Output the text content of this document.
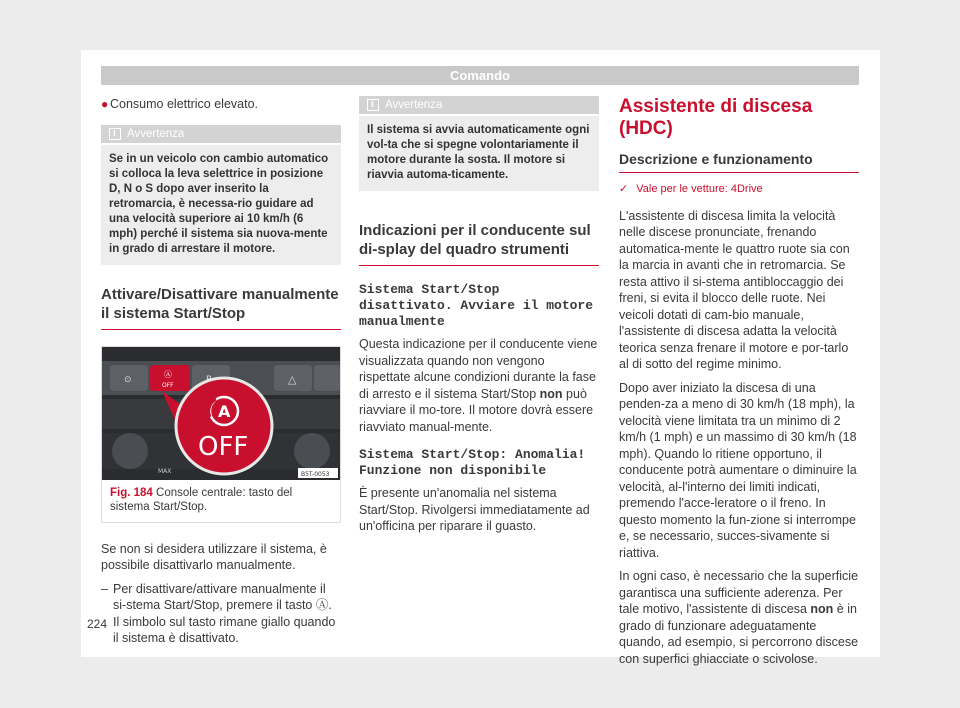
Comando
● Consumo elettrico elevato.
i
Avvertenza
Se in un veicolo con cambio automatico si colloca la leva selettrice in posizione D, N o S dopo aver inserito la retromarcia, è necessa-rio guidare ad una velocità superiore ai 10 km/h (6 mph) perché il sistema sia nuova-mente in grado di arrestare il motore.
Attivare/Disattivare manualmente il sistema Start/Stop
Ⓐ
OFF
⊙	△
MAX
A
OFF
B5T-0053
Fig. 184 Console centrale: tasto del sistema Start/Stop.

Se non si desidera utilizzare il sistema, è possibile disattivarlo manualmente.

– Per disattivare/attivare manualmente il si-stema Start/Stop, premere il tasto Ⓐ. Il simbolo sul tasto rimane giallo quando il sistema è disattivato.
i
Avvertenza
Il sistema si avvia automaticamente ogni vol-ta che si spegne volontariamente il motore durante la sosta. Il motore si riavvia automa-ticamente.
Indicazioni per il conducente sul di-splay del quadro strumenti
Sistema Start/Stop disattivato. Avviare il motore manualmente

Questa indicazione per il conducente viene visualizzata quando non vengono rispettate alcune condizioni durante la fase di arresto e il sistema Start/Stop non può riavviare il mo-tore. Il motore dovrà essere riavviato manual-mente.

Sistema Start/Stop: Anomalia! Funzione non disponibile

È presente un'anomalia nel sistema Start/Stop. Rivolgersi immediatamente ad un'officina per riparare il guasto.

Assistente di discesa (HDC)
Descrizione e funzionamento
✓ Vale per le vetture: 4Drive

L'assistente di discesa limita la velocità nelle discese pronunciate, frenando automatica-mente le quattro ruote sia con la marcia in avanti che in retromarcia. Se resta attivo il si-stema antibloccaggio dei freni, si evita il blocco delle ruote. Nei veicoli dotati di cam-bio manuale, l'assistente di discesa adatta la velocità teorica senza frenare il motore e por-tarlo al di sotto del regime minimo.

Dopo aver iniziato la discesa di una penden-za a meno di 30 km/h (18 mph), la velocità viene limitata tra un minimo di 2 km/h (1 mph) e un massimo di 30 km/h (18 mph). Quando lo ritiene opportuno, il conducente potrà aumentare o diminuire la velocità, al-l'interno dei limiti indicati, premendo l'acce-leratore o il freno. In questo momento la fun-zione si interrompe e, se necessario, succes-sivamente si riattiva.

In ogni caso, è necessario che la superficie garantisca una sufficiente aderenza. Per tale motivo, l'assistente di discesa non è in grado di funzionare adeguatamente quando, ad esempio, si percorrono discese con superfici ghiacciate o scivolose.

224
